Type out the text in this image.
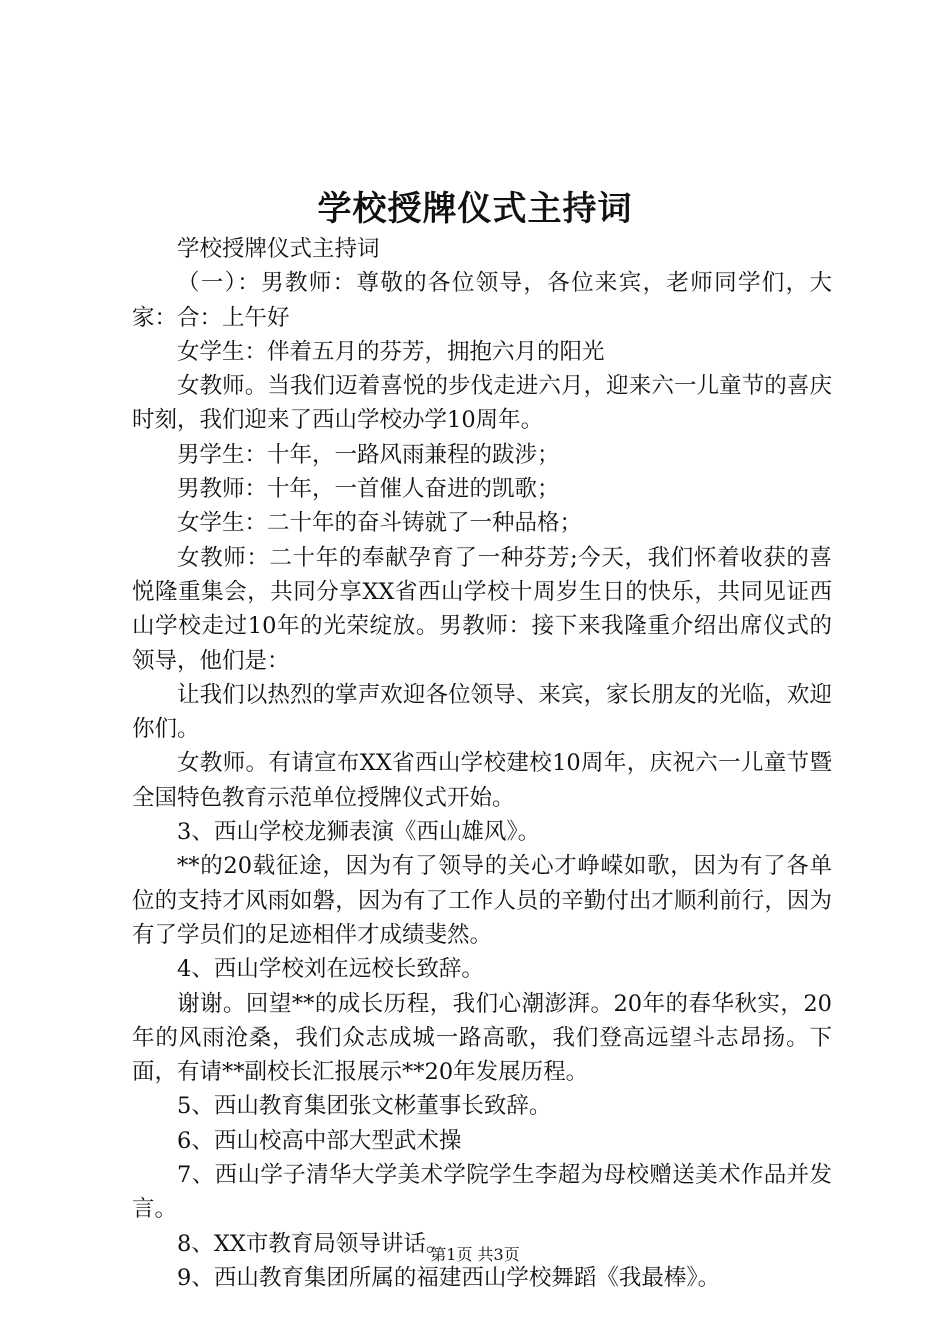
学校授牌仪式主持词

学校授牌仪式主持词

（一）：男教师：尊敬的各位领导，各位来宾，老师同学们，大家：合：上午好

女学生：伴着五月的芬芳，拥抱六月的阳光

女教师。当我们迈着喜悦的步伐走进六月，迎来六一儿童节的喜庆时刻，我们迎来了西山学校办学10周年。

男学生：十年，一路风雨兼程的跋涉；

男教师：十年，一首催人奋进的凯歌；

女学生：二十年的奋斗铸就了一种品格；

女教师：二十年的奉献孕育了一种芬芳;今天，我们怀着收获的喜悦隆重集会，共同分享XX省西山学校十周岁生日的快乐，共同见证西山学校走过10年的光荣绽放。男教师：接下来我隆重介绍出席仪式的领导，他们是：

让我们以热烈的掌声欢迎各位领导、来宾，家长朋友的光临，欢迎你们。

女教师。有请宣布XX省西山学校建校10周年，庆祝六一儿童节暨全国特色教育示范单位授牌仪式开始。

3、西山学校龙狮表演《西山雄风》。

**的20载征途，因为有了领导的关心才峥嵘如歌，因为有了各单位的支持才风雨如磐，因为有了工作人员的辛勤付出才顺利前行，因为有了学员们的足迹相伴才成绩斐然。

4、西山学校刘在远校长致辞。

谢谢。回望**的成长历程，我们心潮澎湃。20年的春华秋实，20年的风雨沧桑，我们众志成城一路高歌，我们登高远望斗志昂扬。下面，有请**副校长汇报展示**20年发展历程。

5、西山教育集团张文彬董事长致辞。

6、西山校高中部大型武术操

7、西山学子清华大学美术学院学生李超为母校赠送美术作品并发言。

8、XX市教育局领导讲话。

9、西山教育集团所属的福建西山学校舞蹈《我最棒》。

第1页 共3页
